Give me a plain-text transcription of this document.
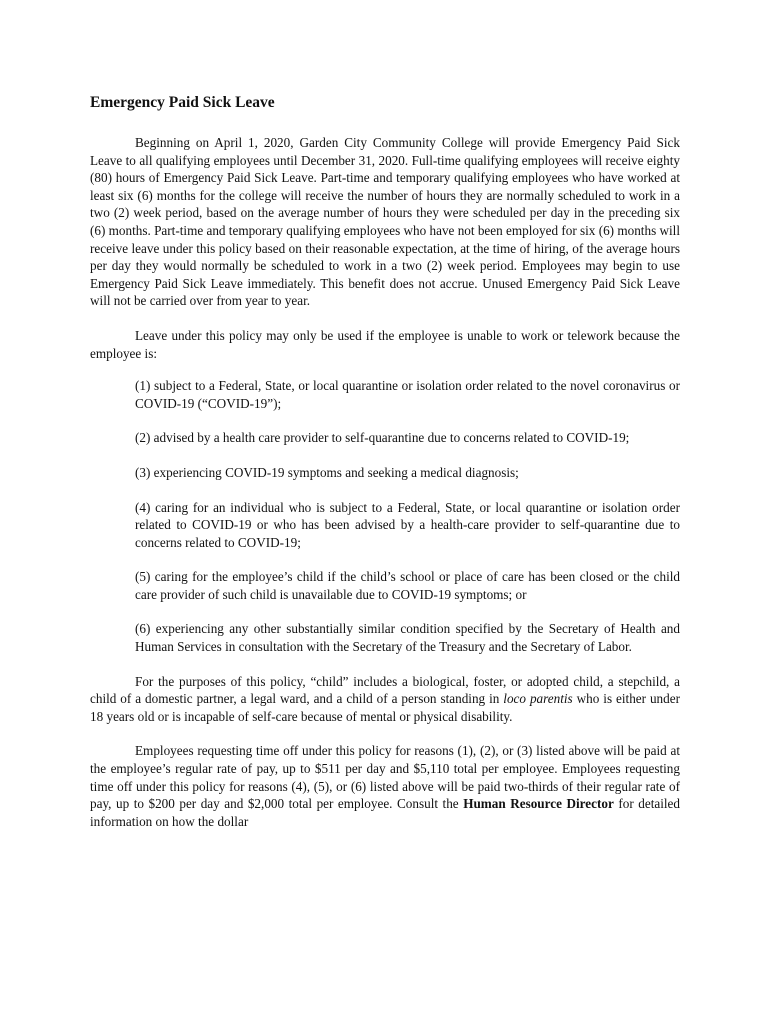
Emergency Paid Sick Leave

Beginning on April 1, 2020, Garden City Community College will provide Emergency Paid Sick Leave to all qualifying employees until December 31, 2020. Full-time qualifying employees will receive eighty (80) hours of Emergency Paid Sick Leave. Part-time and temporary qualifying employees who have worked at least six (6) months for the college will receive the number of hours they are normally scheduled to work in a two (2) week period, based on the average number of hours they were scheduled per day in the preceding six (6) months. Part-time and temporary qualifying employees who have not been employed for six (6) months will receive leave under this policy based on their reasonable expectation, at the time of hiring, of the average hours per day they would normally be scheduled to work in a two (2) week period. Employees may begin to use Emergency Paid Sick Leave immediately. This benefit does not accrue. Unused Emergency Paid Sick Leave will not be carried over from year to year.

Leave under this policy may only be used if the employee is unable to work or telework because the employee is:

(1) subject to a Federal, State, or local quarantine or isolation order related to the novel coronavirus or COVID-19 (“COVID-19”);
(2) advised by a health care provider to self-quarantine due to concerns related to COVID-19;
(3) experiencing COVID-19 symptoms and seeking a medical diagnosis;
(4) caring for an individual who is subject to a Federal, State, or local quarantine or isolation order related to COVID-19 or who has been advised by a health-care provider to self-quarantine due to concerns related to COVID-19;
(5) caring for the employee’s child if the child’s school or place of care has been closed or the child care provider of such child is unavailable due to COVID-19 symptoms; or
(6) experiencing any other substantially similar condition specified by the Secretary of Health and Human Services in consultation with the Secretary of the Treasury and the Secretary of Labor.

For the purposes of this policy, “child” includes a biological, foster, or adopted child, a stepchild, a child of a domestic partner, a legal ward, and a child of a person standing in loco parentis who is either under 18 years old or is incapable of self-care because of mental or physical disability.

Employees requesting time off under this policy for reasons (1), (2), or (3) listed above will be paid at the employee’s regular rate of pay, up to $511 per day and $5,110 total per employee. Employees requesting time off under this policy for reasons (4), (5), or (6) listed above will be paid two-thirds of their regular rate of pay, up to $200 per day and $2,000 total per employee. Consult the Human Resource Director for detailed information on how the dollar
